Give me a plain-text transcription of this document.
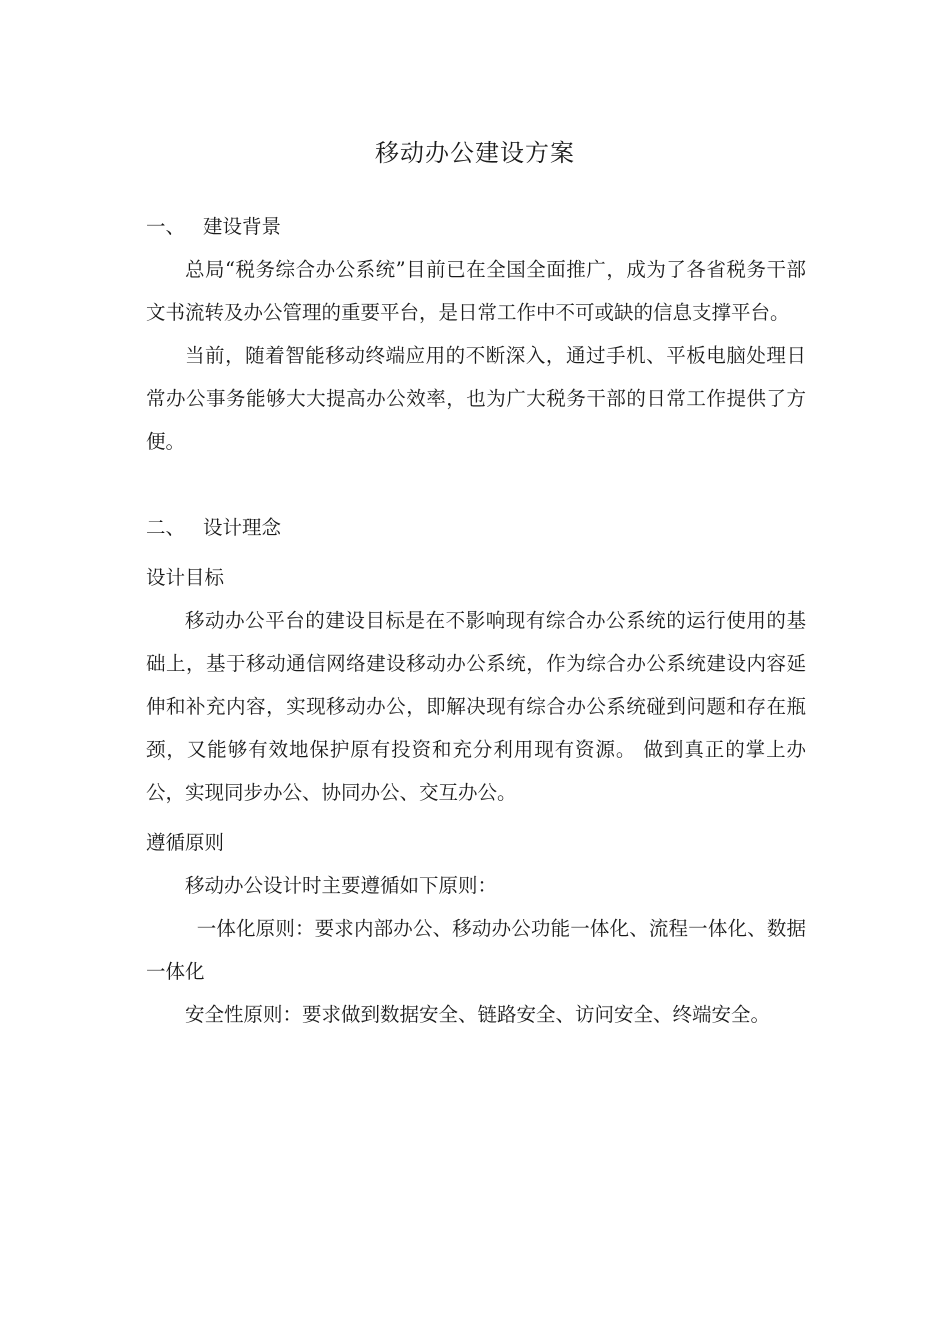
移动办公建设方案

一、 建设背景

总局“税务综合办公系统”目前已在全国全面推广，成为了各省税务干部文书流转及办公管理的重要平台，是日常工作中不可或缺的信息支撑平台。

当前，随着智能移动终端应用的不断深入，通过手机、平板电脑处理日常办公事务能够大大提高办公效率，也为广大税务干部的日常工作提供了方便。

二、 设计理念

设计目标

移动办公平台的建设目标是在不影响现有综合办公系统的运行使用的基础上，基于移动通信网络建设移动办公系统，作为综合办公系统建设内容延伸和补充内容，实现移动办公，即解决现有综合办公系统碰到问题和存在瓶颈，又能够有效地保护原有投资和充分利用现有资源。 做到真正的掌上办公，实现同步办公、协同办公、交互办公。

遵循原则

移动办公设计时主要遵循如下原则：

一体化原则：要求内部办公、移动办公功能一体化、流程一体化、数据一体化

安全性原则：要求做到数据安全、链路安全、访问安全、终端安全。
